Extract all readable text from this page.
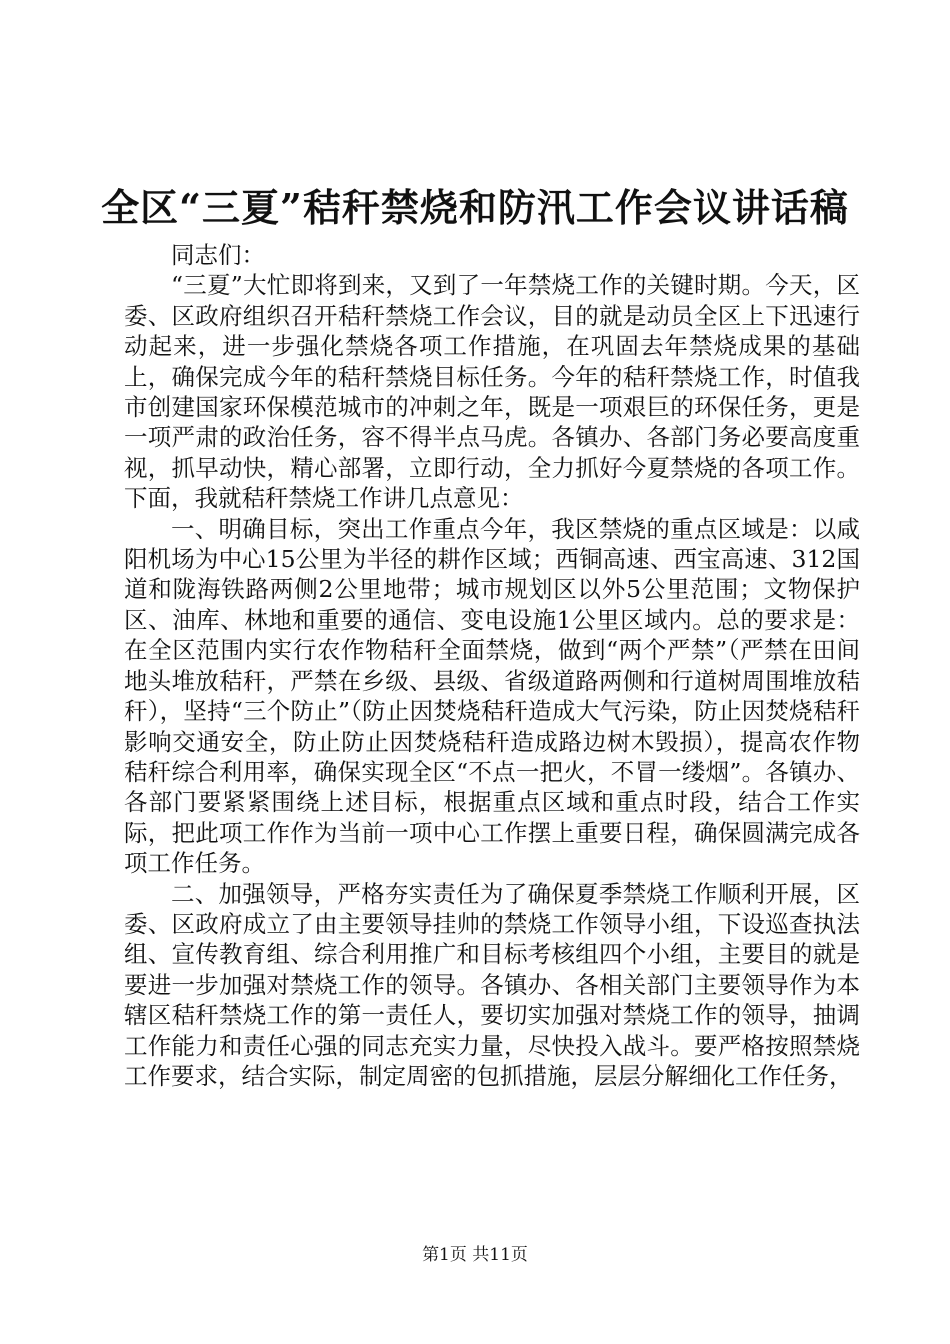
全区“三夏”秸秆禁烧和防汛工作会议讲话稿

同志们：

“三夏”大忙即将到来，又到了一年禁烧工作的关键时期。今天，区委、区政府组织召开秸秆禁烧工作会议，目的就是动员全区上下迅速行动起来，进一步强化禁烧各项工作措施，在巩固去年禁烧成果的基础上，确保完成今年的秸秆禁烧目标任务。今年的秸秆禁烧工作，时值我市创建国家环保模范城市的冲刺之年，既是一项艰巨的环保任务，更是一项严肃的政治任务，容不得半点马虎。各镇办、各部门务必要高度重视，抓早动快，精心部署，立即行动，全力抓好今夏禁烧的各项工作。下面，我就秸秆禁烧工作讲几点意见：

一、明确目标，突出工作重点今年，我区禁烧的重点区域是：以咸阳机场为中心15公里为半径的耕作区域；西铜高速、西宝高速、312国道和陇海铁路两侧2公里地带；城市规划区以外5公里范围；文物保护区、油库、林地和重要的通信、变电设施1公里区域内。总的要求是：在全区范围内实行农作物秸秆全面禁烧，做到“两个严禁”（严禁在田间地头堆放秸秆，严禁在乡级、县级、省级道路两侧和行道树周围堆放秸秆），坚持“三个防止”（防止因焚烧秸秆造成大气污染，防止因焚烧秸秆影响交通安全，防止防止因焚烧秸秆造成路边树木毁损），提高农作物秸秆综合利用率，确保实现全区“不点一把火，不冒一缕烟”。各镇办、各部门要紧紧围绕上述目标，根据重点区域和重点时段，结合工作实际，把此项工作作为当前一项中心工作摆上重要日程，确保圆满完成各项工作任务。

二、加强领导，严格夯实责任为了确保夏季禁烧工作顺利开展，区委、区政府成立了由主要领导挂帅的禁烧工作领导小组，下设巡查执法组、宣传教育组、综合利用推广和目标考核组四个小组，主要目的就是要进一步加强对禁烧工作的领导。各镇办、各相关部门主要领导作为本辖区秸秆禁烧工作的第一责任人，要切实加强对禁烧工作的领导，抽调工作能力和责任心强的同志充实力量，尽快投入战斗。要严格按照禁烧工作要求，结合实际，制定周密的包抓措施，层层分解细化工作任务，

第1页 共11页
